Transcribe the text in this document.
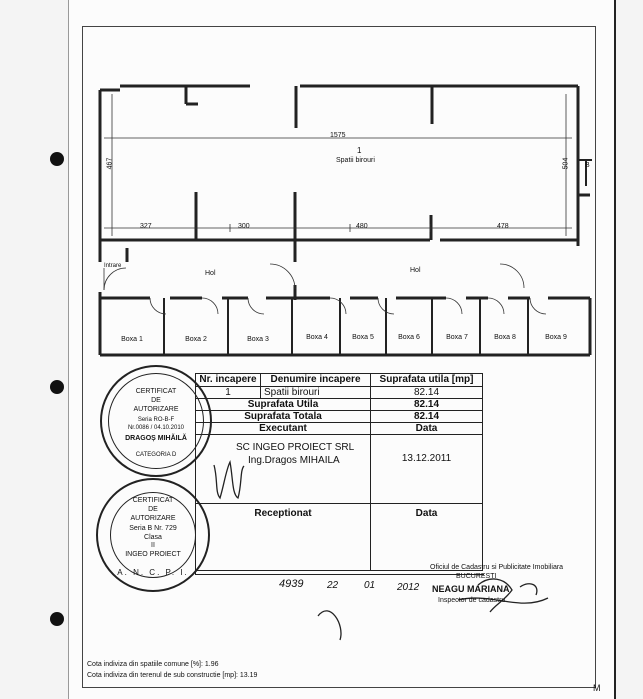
1575
467	504
1
Spatii birouri
327	300	480	478
Intrare
Hol	Hol
B
Boxa 1	Boxa 2	Boxa 3	Boxa 4	Boxa 5	Boxa 6	Boxa 7	Boxa 8	Boxa 9
Nr. incapere	Denumire incapere	Suprafata utila [mp]
1	Spatii birouri	82.14
Suprafata Utila		82.14
Suprafata Totala		82.14
Executant		Data

SC INGEO PROIECT SRL
Ing.Dragos MIHAILA		13.12.2011
Receptionat		Data
CERTIFICAT
DE
AUTORIZARE
Seria RO-B-F
Nr.0086 / 04.10.2010
DRAGOȘ MIHĂILĂ
CATEGORIA D
CERTIFICAT
DE
AUTORIZARE
Seria B Nr. 729
Clasa
II
INGEO PROIECT
A. N. C. P. I.
Oficiul de Cadastru si Publicitate Imobiliara
BUCURESTI
NEAGU MARIANA
Inspector de cadastru
4939 22	01 2012
Cota indiviza din spatiile comune [%]: 1.96
Cota indiviza din terenul de sub constructie [mp]: 13.19
M
